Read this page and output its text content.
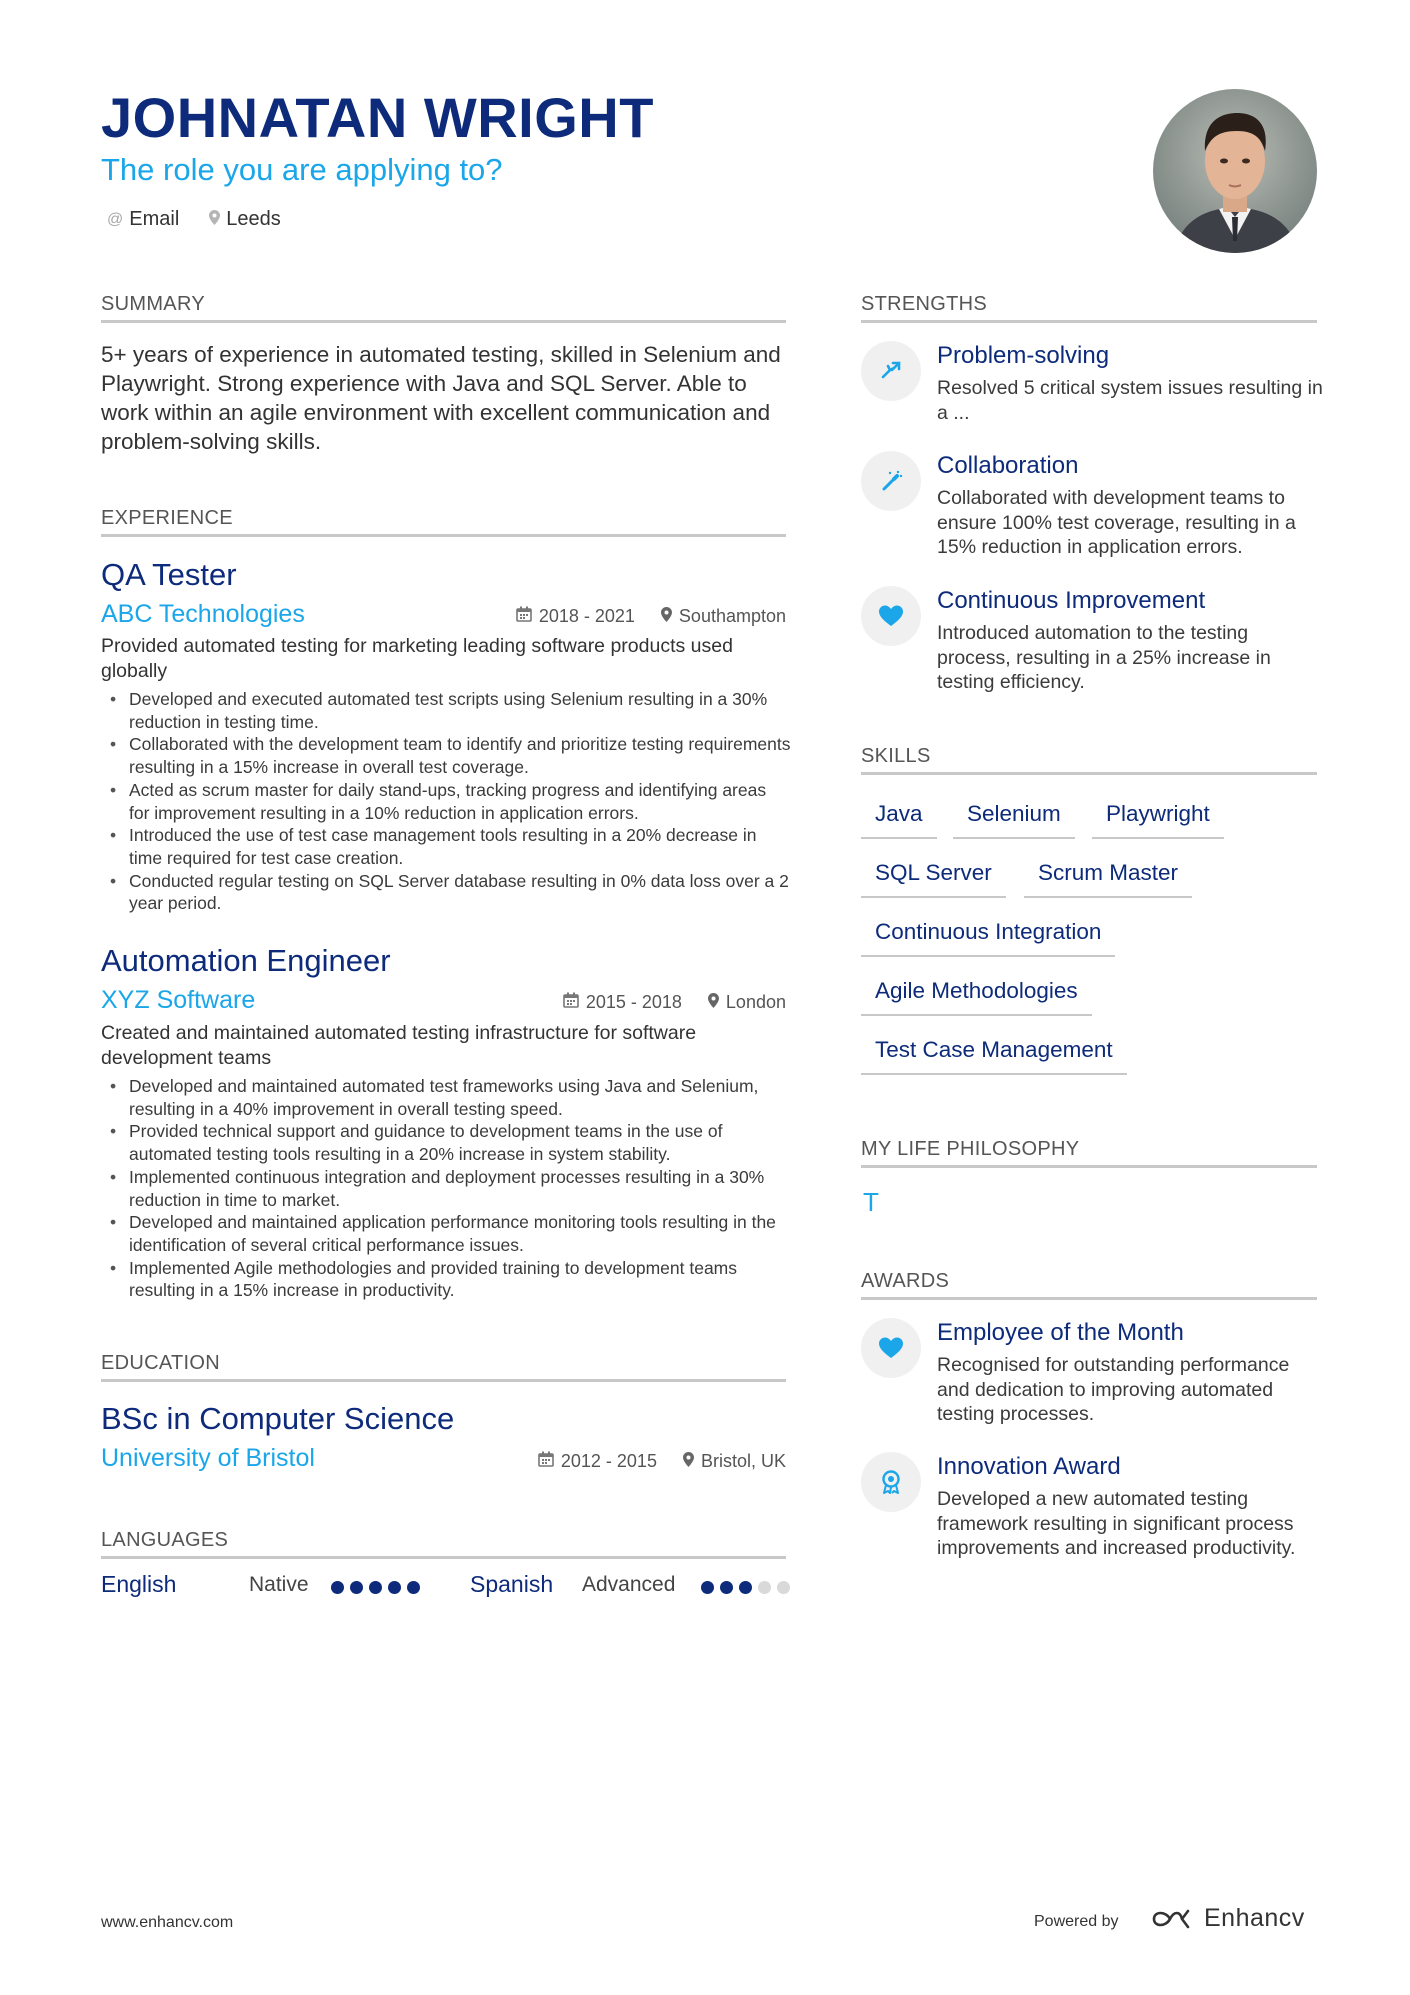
JOHNATAN WRIGHT
The role you are applying to?
@ Email Leeds
SUMMARY

5+ years of experience in automated testing, skilled in Selenium and Playwright. Strong experience with Java and SQL Server. Able to work within an agile environment with excellent communication and problem-solving skills.

EXPERIENCE
QA Tester
ABC Technologies	2018 - 2021 Southampton

Provided automated testing for marketing leading software products used globally

• Developed and executed automated test scripts using Selenium resulting in a 30% reduction in testing time.
• Collaborated with the development team to identify and prioritize testing requirements resulting in a 15% increase in overall test coverage.
• Acted as scrum master for daily stand-ups, tracking progress and identifying areas for improvement resulting in a 10% reduction in application errors.
• Introduced the use of test case management tools resulting in a 20% decrease in time required for test case creation.
• Conducted regular testing on SQL Server database resulting in 0% data loss over a 2 year period.
Automation Engineer
XYZ Software	2015 - 2018 London

Created and maintained automated testing infrastructure for software development teams

• Developed and maintained automated test frameworks using Java and Selenium, resulting in a 40% improvement in overall testing speed.
• Provided technical support and guidance to development teams in the use of automated testing tools resulting in a 20% increase in system stability.
• Implemented continuous integration and deployment processes resulting in a 30% reduction in time to market.
• Developed and maintained application performance monitoring tools resulting in the identification of several critical performance issues.
• Implemented Agile methodologies and provided training to development teams resulting in a 15% increase in productivity.
EDUCATION
BSc in Computer Science
University of Bristol	2012 - 2015 Bristol, UK
LANGUAGES
English	Native	Spanish Advanced
STRENGTHS
Problem-solving

Resolved 5 critical system issues resulting in a ...

Collaboration

Collaborated with development teams to ensure 100% test coverage, resulting in a 15% reduction in application errors.

Continuous Improvement

Introduced automation to the testing process, resulting in a 25% increase in testing efficiency.

SKILLS
Java	Selenium	Playwright
SQL Server	Scrum Master
Continuous Integration
Agile Methodologies
Test Case Management
MY LIFE PHILOSOPHY
T
AWARDS
Employee of the Month

Recognised for outstanding performance and dedication to improving automated testing processes.

Innovation Award

Developed a new automated testing framework resulting in significant process improvements and increased productivity.

www.enhancv.com	Powered by	Enhancv
